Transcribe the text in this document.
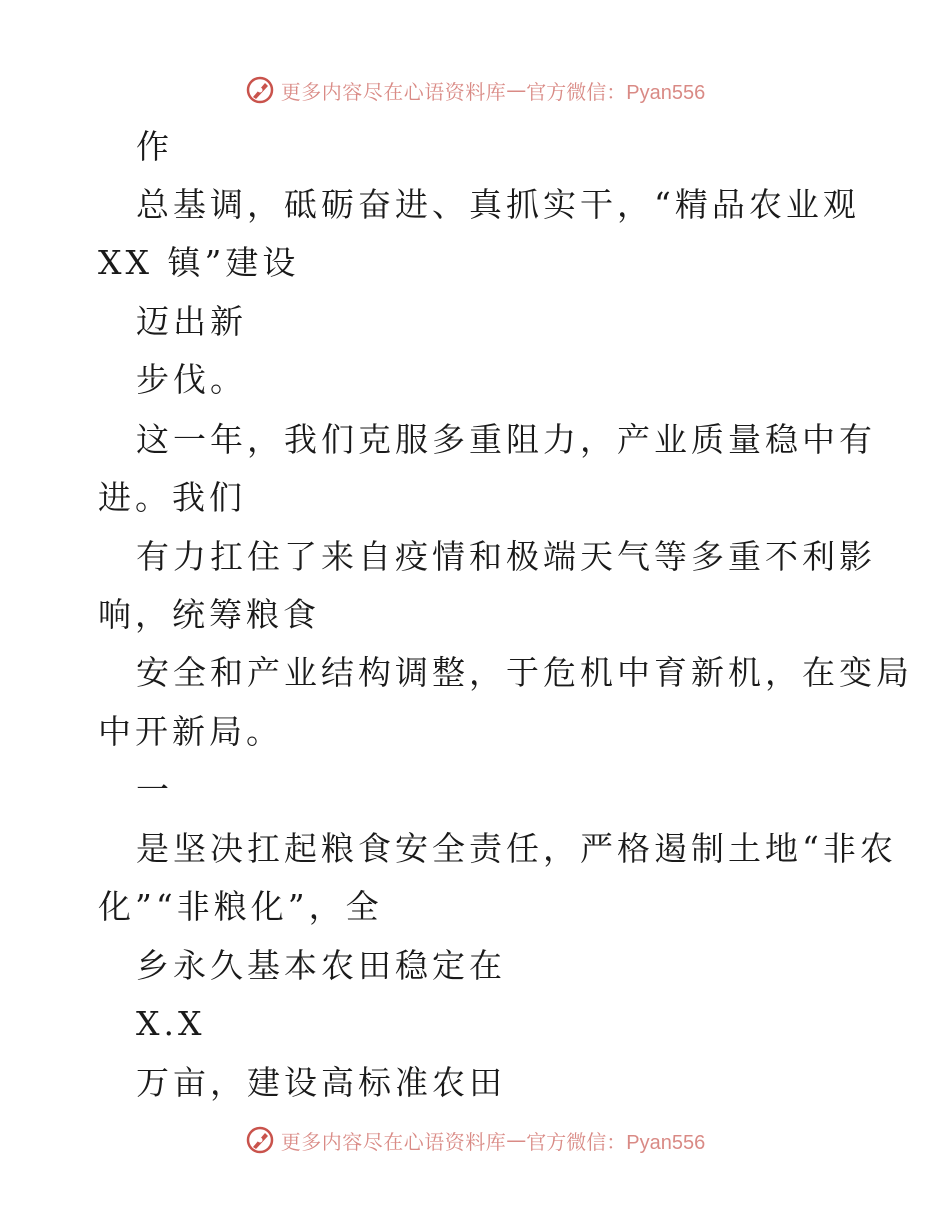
更多内容尽在心语资料库 — 官方微信：Pyan556
作
总基调，砥砺奋进、真抓实干，“精品农业观
XX 镇”建设
迈出新
步伐。
这一年，我们克服多重阻力，产业质量稳中有
进。我们
有力扛住了来自疫情和极端天气等多重不利影
响，统筹粮食
安全和产业结构调整，于危机中育新机，在变局
中开新局。
一
是坚决扛起粮食安全责任，严格遏制土地“非农
化”“非粮化”，全
乡永久基本农田稳定在
X.X
万亩，建设高标准农田
更多内容尽在心语资料库 — 官方微信：Pyan556
